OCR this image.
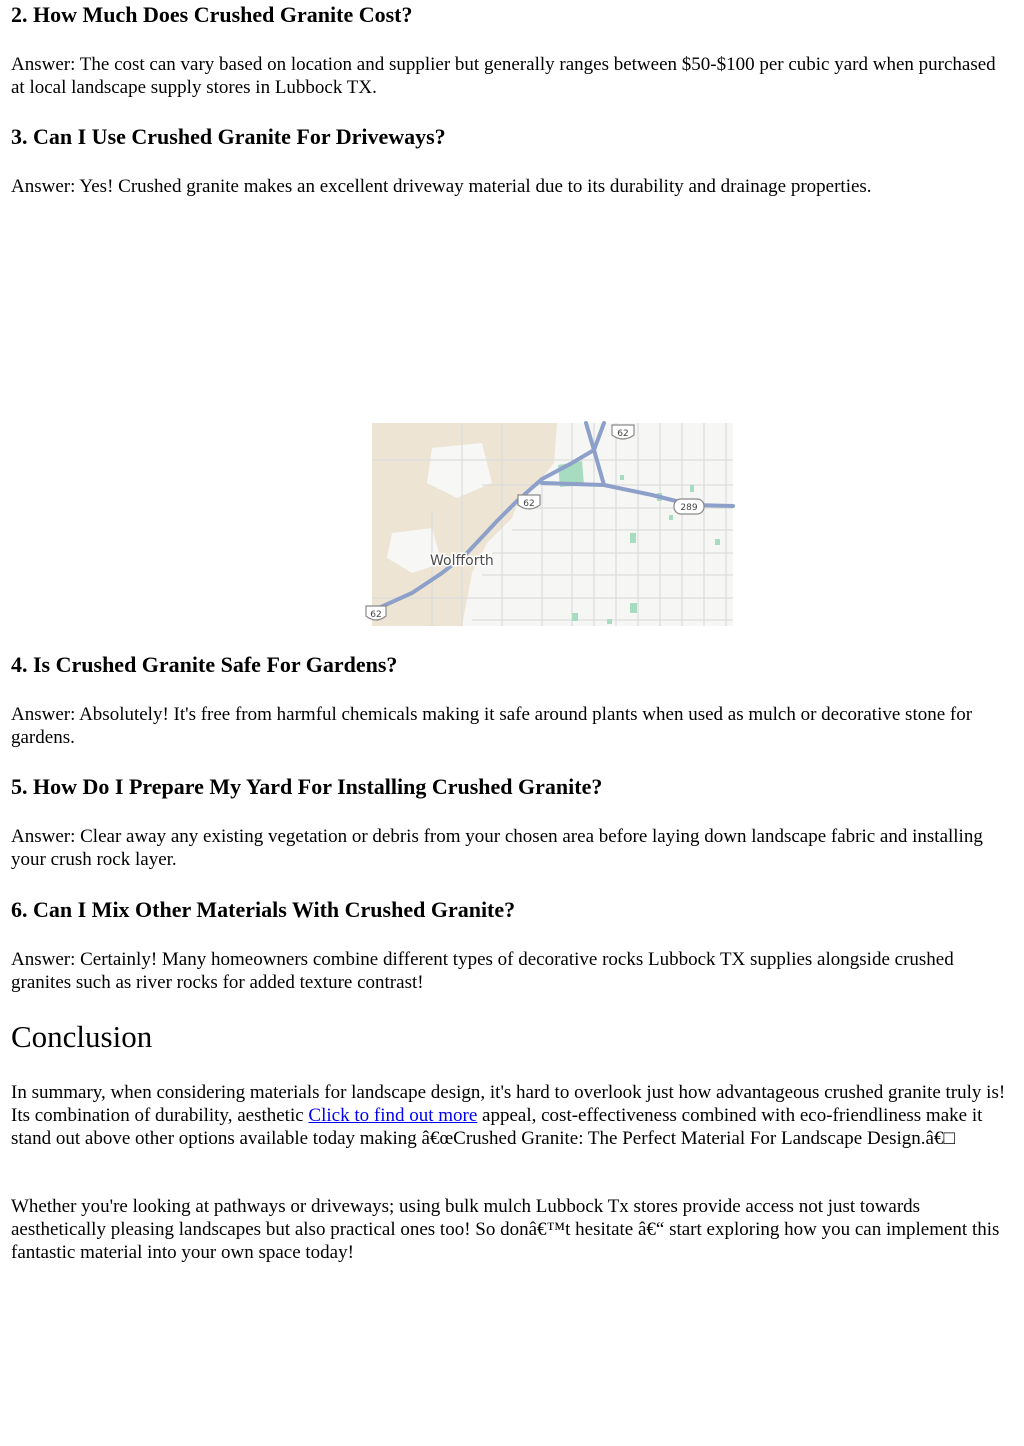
2. How Much Does Crushed Granite Cost?

Answer: The cost can vary based on location and supplier but generally ranges between $50-$100 per cubic yard when purchased at local landscape supply stores in Lubbock TX.

3. Can I Use Crushed Granite For Driveways?

Answer: Yes! Crushed granite makes an excellent driveway material due to its durability and drainage properties.

62
62	289
62
Wolfforth
4. Is Crushed Granite Safe For Gardens?

Answer: Absolutely! It's free from harmful chemicals making it safe around plants when used as mulch or decorative stone for gardens.

5. How Do I Prepare My Yard For Installing Crushed Granite?

Answer: Clear away any existing vegetation or debris from your chosen area before laying down landscape fabric and installing your crush rock layer.

6. Can I Mix Other Materials With Crushed Granite?

Answer: Certainly! Many homeowners combine different types of decorative rocks Lubbock TX supplies alongside crushed granites such as river rocks for added texture contrast!

Conclusion

In summary, when considering materials for landscape design, it's hard to overlook just how advantageous crushed granite truly is! Its combination of durability, aesthetic Click to find out more appeal, cost-effectiveness combined with eco-friendliness make it stand out above other options available today making â€œCrushed Granite: The Perfect Material For Landscape Design.â€□

Whether you're looking at pathways or driveways; using bulk mulch Lubbock Tx stores provide access not just towards aesthetically pleasing landscapes but also practical ones too! So donâ€™t hesitate â€“ start exploring how you can implement this fantastic material into your own space today!
